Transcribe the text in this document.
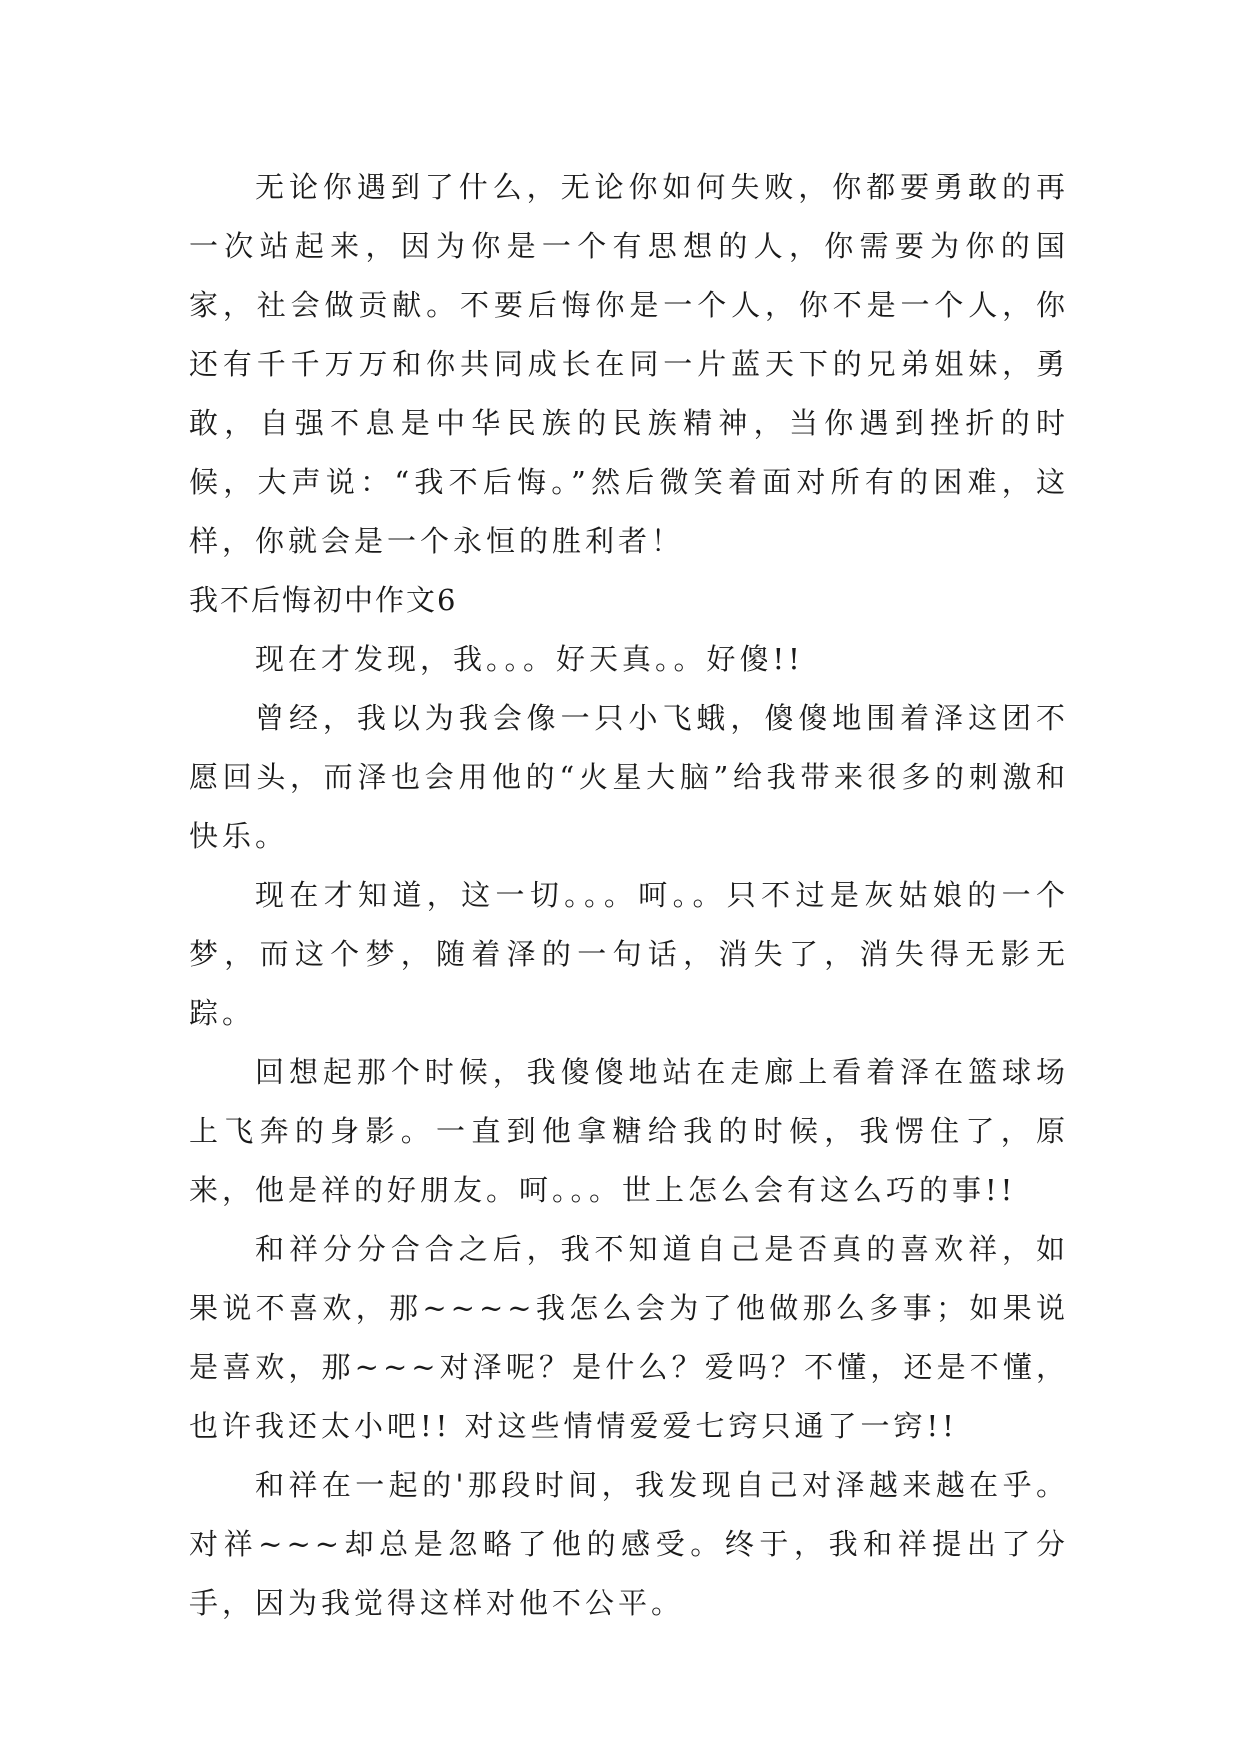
无论你遇到了什么，无论你如何失败，你都要勇敢的再一次站起来，因为你是一个有思想的人，你需要为你的国家，社会做贡献。不要后悔你是一个人，你不是一个人，你还有千千万万和你共同成长在同一片蓝天下的兄弟姐妹，勇敢，自强不息是中华民族的民族精神，当你遇到挫折的时候，大声说：“我不后悔。”然后微笑着面对所有的困难，这样，你就会是一个永恒的胜利者！

我不后悔初中作文6

现在才发现，我。。。好天真。。好傻!!

曾经，我以为我会像一只小飞蛾，傻傻地围着泽这团不愿回头，而泽也会用他的“火星大脑”给我带来很多的刺激和快乐。

现在才知道，这一切。。。呵。。只不过是灰姑娘的一个梦，而这个梦，随着泽的一句话，消失了，消失得无影无踪。

回想起那个时候，我傻傻地站在走廊上看着泽在篮球场上飞奔的身影。一直到他拿糖给我的时候，我愣住了，原来，他是祥的好朋友。呵。。。世上怎么会有这么巧的事!!

和祥分分合合之后，我不知道自己是否真的喜欢祥，如果说不喜欢，那~~~~我怎么会为了他做那么多事；如果说是喜欢，那~~~对泽呢？是什么？爱吗？不懂，还是不懂，也许我还太小吧!! 对这些情情爱爱七窍只通了一窍!!

和祥在一起的'那段时间，我发现自己对泽越来越在乎。对祥~~~却总是忽略了他的感受。终于，我和祥提出了分手，因为我觉得这样对他不公平。
